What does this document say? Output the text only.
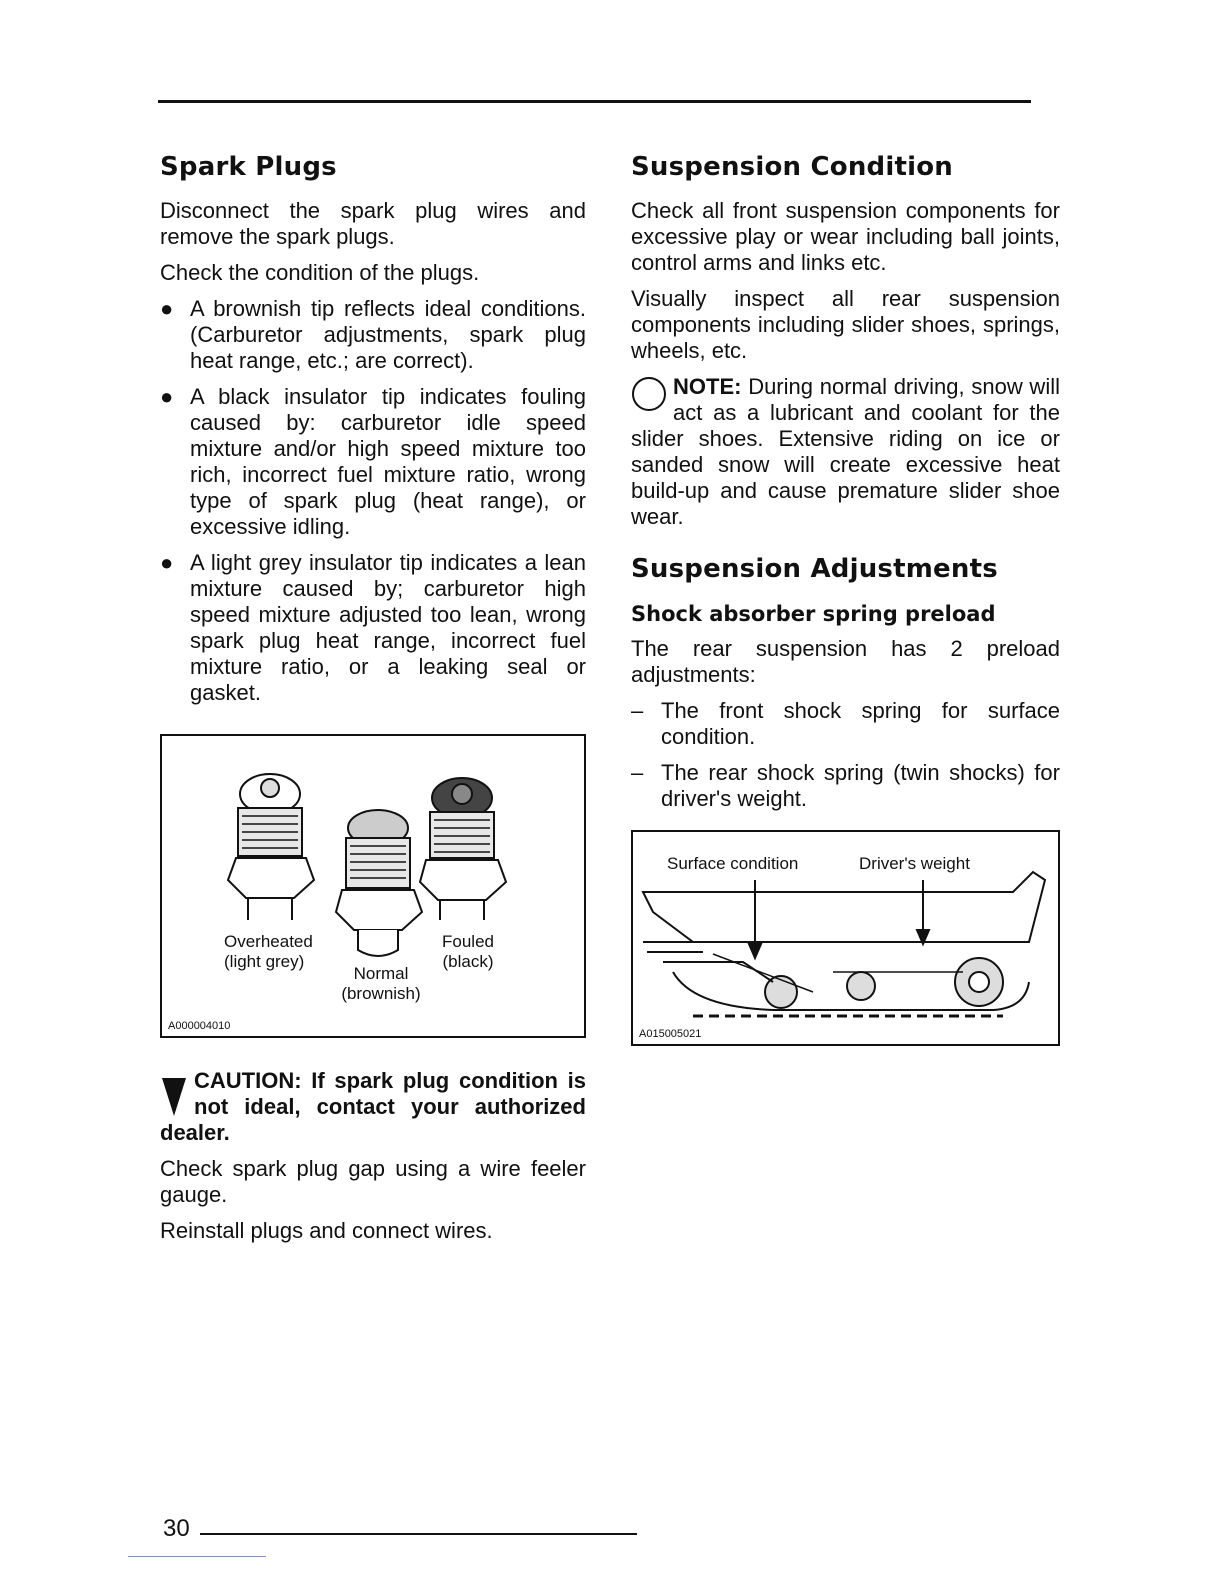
Spark Plugs

Disconnect the spark plug wires and remove the spark plugs.

Check the condition of the plugs.

● A brownish tip reflects ideal conditions. (Carburetor adjustments, spark plug heat range, etc.; are correct).
● A black insulator tip indicates fouling caused by: carburetor idle speed mixture and/or high speed mixture too rich, incorrect fuel mixture ratio, wrong type of spark plug (heat range), or excessive idling.
● A light grey insulator tip indicates a lean mixture caused by; carburetor high speed mixture adjusted too lean, wrong spark plug heat range, incorrect fuel mixture ratio, or a leaking seal or gasket.
Overheated
(light grey)
Normal
(brownish)
Fouled
(black)
A000004010

CAUTION: If spark plug condition is not ideal, contact your authorized dealer.

Check spark plug gap using a wire feeler gauge.

Reinstall plugs and connect wires.

Suspension Condition

Check all front suspension components for excessive play or wear including ball joints, control arms and links etc.

Visually inspect all rear suspension components including slider shoes, springs, wheels, etc.

NOTE: During normal driving, snow will act as a lubricant and coolant for the slider shoes. Extensive riding on ice or sanded snow will create excessive heat build-up and cause premature slider shoe wear.

Suspension Adjustments
Shock absorber spring preload

The rear suspension has 2 preload adjustments:

– The front shock spring for surface condition.
– The rear shock spring (twin shocks) for driver's weight.
Surface condition	Driver's weight
A015005021
30
